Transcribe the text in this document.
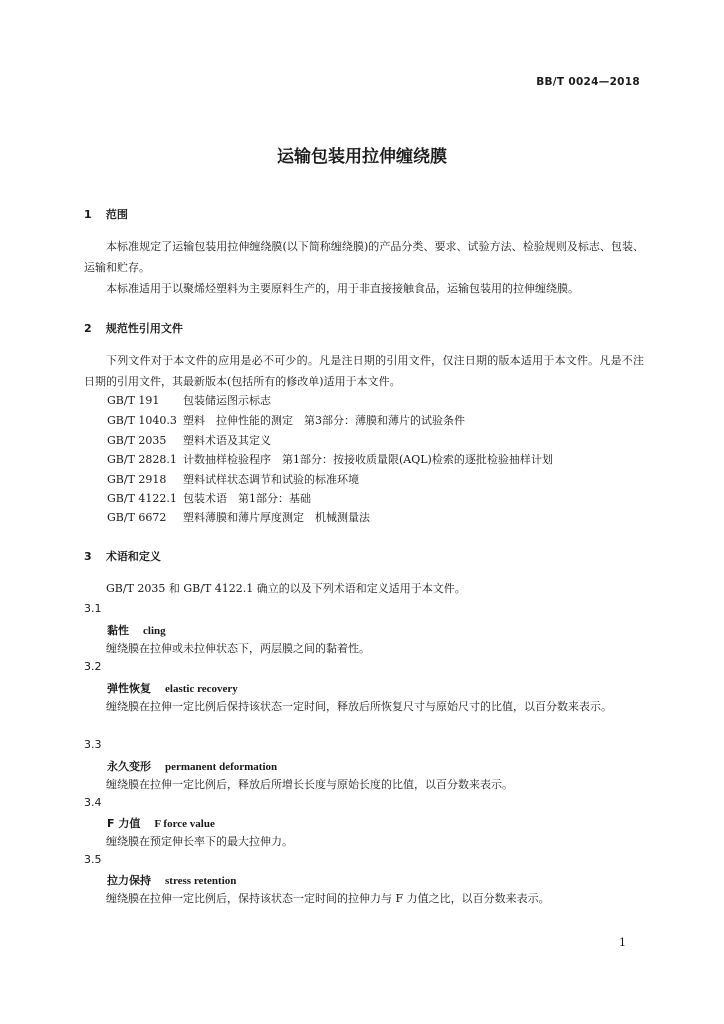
BB/T 0024—2018
运输包装用拉伸缠绕膜
1 范围
本标准规定了运输包装用拉伸缠绕膜(以下简称缠绕膜)的产品分类、要求、试验方法、检验规则及标志、包装、运输和贮存。
本标准适用于以聚烯烃塑料为主要原料生产的，用于非直接接触食品，运输包装用的拉伸缠绕膜。
2 规范性引用文件
下列文件对于本文件的应用是必不可少的。凡是注日期的引用文件，仅注日期的版本适用于本文件。凡是不注日期的引用文件，其最新版本(包括所有的修改单)适用于本文件。
GB/T 191 包装储运图示标志
GB/T 1040.3 塑料　拉伸性能的测定　第3部分：薄膜和薄片的试验条件
GB/T 2035 塑料术语及其定义
GB/T 2828.1 计数抽样检验程序　第1部分：按接收质量限(AQL)检索的逐批检验抽样计划
GB/T 2918 塑料试样状态调节和试验的标准环境
GB/T 4122.1 包装术语　第1部分：基础
GB/T 6672 塑料薄膜和薄片厚度测定　机械测量法
3 术语和定义
GB/T 2035 和 GB/T 4122.1 确立的以及下列术语和定义适用于本文件。
3.1
黏性 cling
缠绕膜在拉伸或未拉伸状态下，两层膜之间的黏着性。
3.2
弹性恢复 elastic recovery
缠绕膜在拉伸一定比例后保持该状态一定时间，释放后所恢复尺寸与原始尺寸的比值，以百分数来表示。
3.3
永久变形 permanent deformation
缠绕膜在拉伸一定比例后，释放后所增长长度与原始长度的比值，以百分数来表示。
3.4
F 力值 F force value
缠绕膜在预定伸长率下的最大拉伸力。
3.5
拉力保持 stress retention
缠绕膜在拉伸一定比例后，保持该状态一定时间的拉伸力与 F 力值之比，以百分数来表示。
1
